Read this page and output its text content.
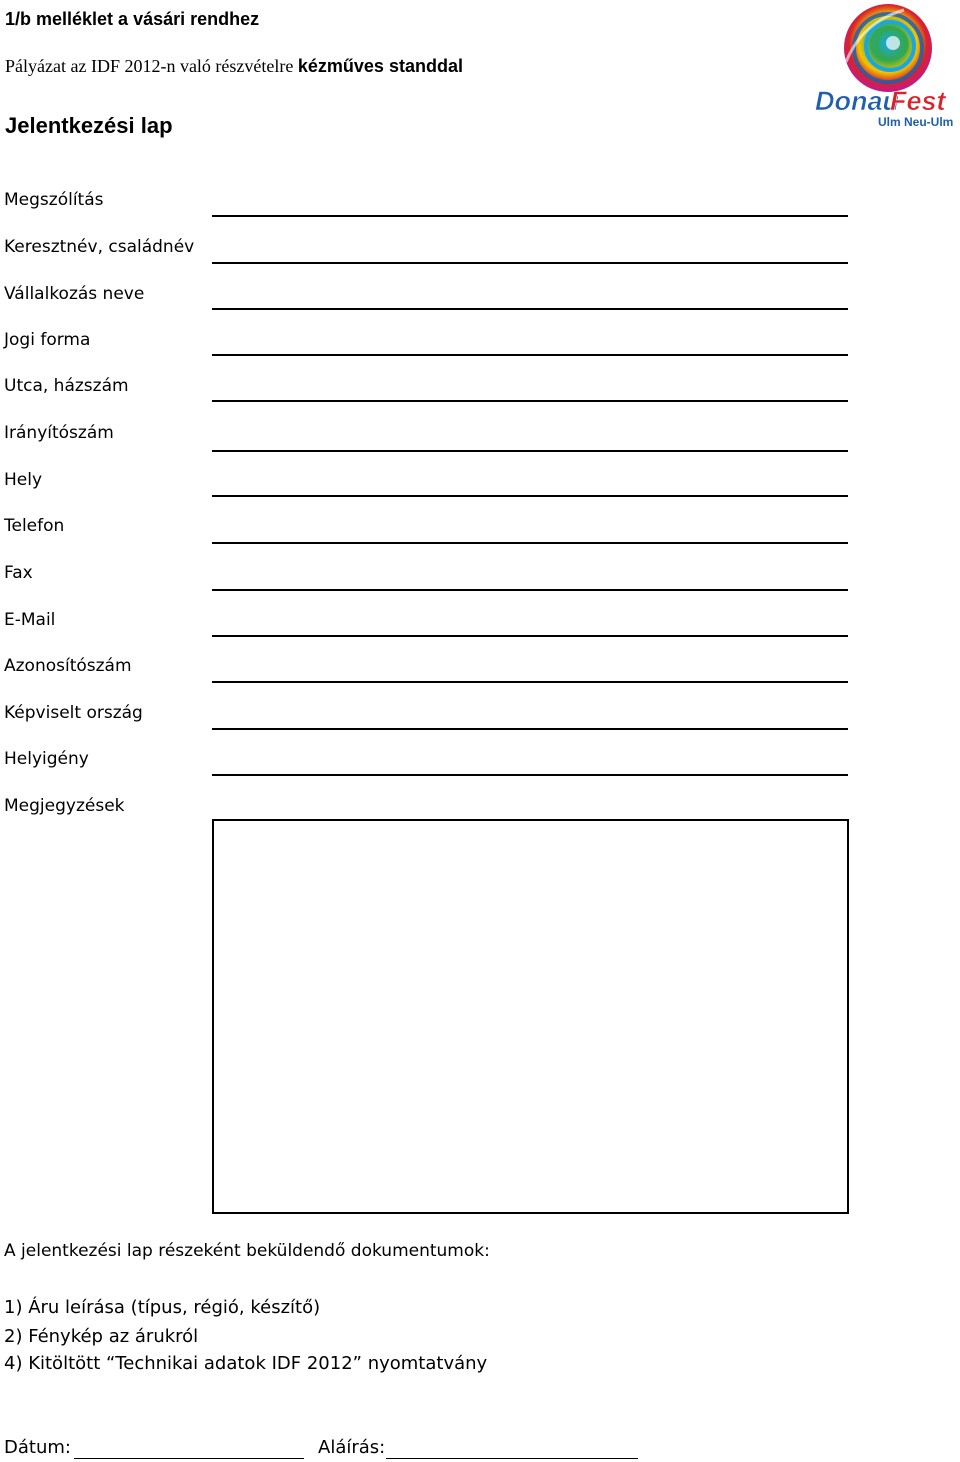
1/b melléklet a vásári rendhez
Pályázat az IDF 2012-n való részvételre kézműves standdal
Jelentkezési lap
Donau
Fest
Ulm Neu-Ulm
Megszólítás
Keresztnév, családnév
Vállalkozás neve
Jogi forma
Utca, házszám
Irányítószám
Hely
Telefon
Fax
E-Mail
Azonosítószám
Képviselt ország
Helyigény
Megjegyzések
A jelentkezési lap részeként beküldendő dokumentumok:
1) Áru leírása (típus, régió, készítő)
2) Fénykép az árukról
4) Kitöltött “Technikai adatok IDF 2012” nyomtatvány
Dátum:	Aláírás:
